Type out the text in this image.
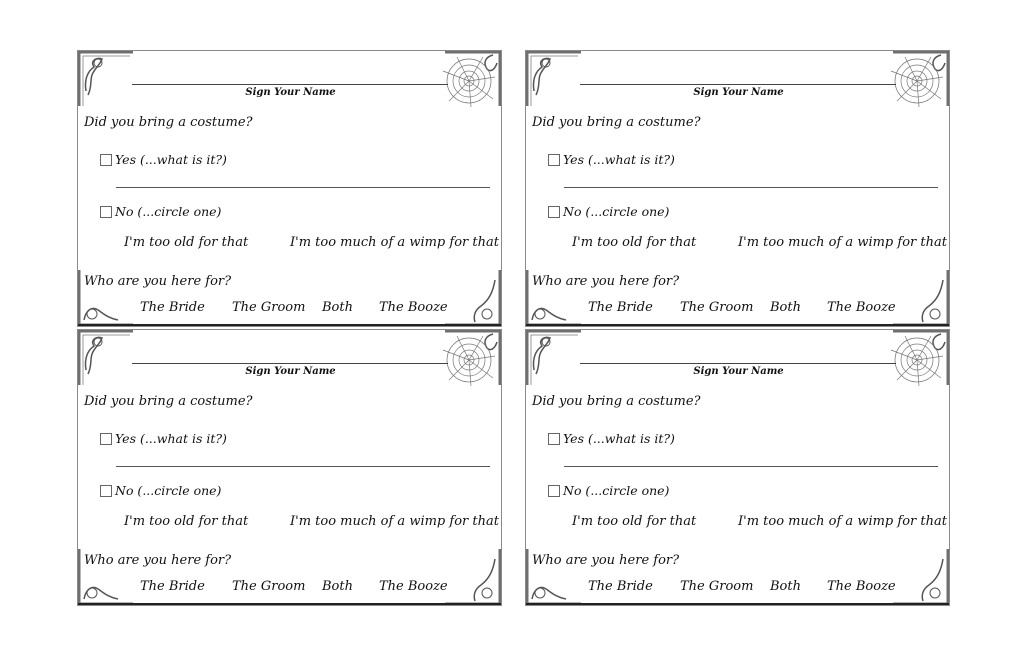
Sign Your Name
Did you bring a costume?
Yes (...what is it?)
No (...circle one)
I'm too old for that	I'm too much of a wimp for that
Who are you here for?
The Bride The Groom Both The Booze
Sign Your Name
Did you bring a costume?
Yes (...what is it?)
No (...circle one)
I'm too old for that	I'm too much of a wimp for that
Who are you here for?
The Bride The Groom Both The Booze
Sign Your Name
Did you bring a costume?
Yes (...what is it?)
No (...circle one)
I'm too old for that	I'm too much of a wimp for that
Who are you here for?
The Bride The Groom Both The Booze
Sign Your Name
Did you bring a costume?
Yes (...what is it?)
No (...circle one)
I'm too old for that	I'm too much of a wimp for that
Who are you here for?
The Bride The Groom Both The Booze
